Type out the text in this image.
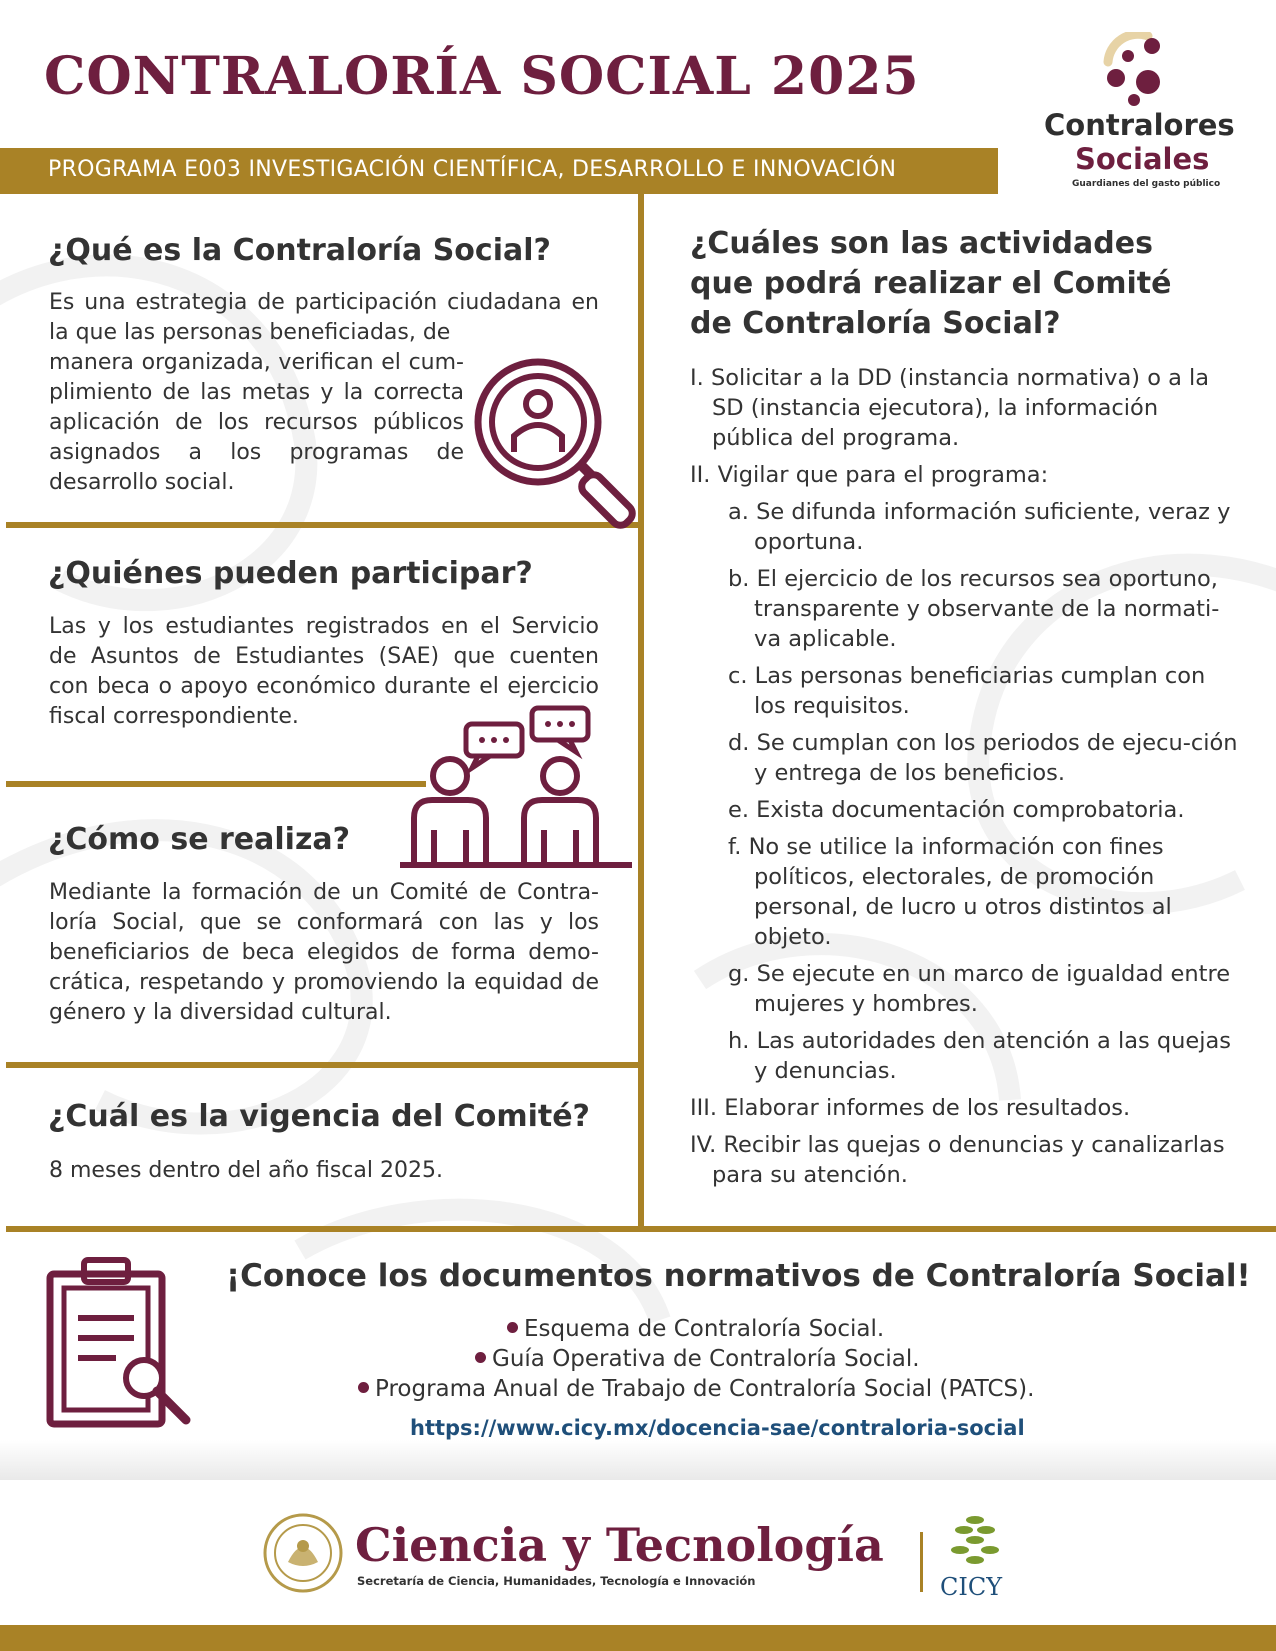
CONTRALORÍA SOCIAL 2025
PROGRAMA E003 INVESTIGACIÓN CIENTÍFICA, DESARROLLO E INNOVACIÓN
Contralores
Sociales
Guardianes del gasto público
¿Qué es la Contraloría Social?
Es una estrategia de participación ciudadana en la que las personas beneficiadas, de
manera organizada, verifican el cum-plimiento de las metas y la correcta aplicación de los recursos públicos asignados a los programas de desarrollo social.
¿Quiénes pueden participar?
Las y los estudiantes registrados en el Servicio de Asuntos de Estudiantes (SAE) que cuenten con beca o apoyo económico durante el ejercicio fiscal correspondiente.
¿Cómo se realiza?
Mediante la formación de un Comité de Contra-loría Social, que se conformará con las y los beneficiarios de beca elegidos de forma demo-crática, respetando y promoviendo la equidad de género y la diversidad cultural.
¿Cuál es la vigencia del Comité?
8 meses dentro del año fiscal 2025.
¿Cuáles son las actividades
que podrá realizar el Comité
de Contraloría Social?
I. Solicitar a la DD (instancia normativa) o a la SD (instancia ejecutora), la información pública del programa.
II. Vigilar que para el programa:
a. Se difunda información suficiente, veraz y oportuna.
b. El ejercicio de los recursos sea oportuno, transparente y observante de la normati-va aplicable.
c. Las personas beneficiarias cumplan con los requisitos.
d. Se cumplan con los periodos de ejecu-ción y entrega de los beneficios.
e. Exista documentación comprobatoria.
f. No se utilice la información con fines políticos, electorales, de promoción personal, de lucro u otros distintos al objeto.
g. Se ejecute en un marco de igualdad entre mujeres y hombres.
h. Las autoridades den atención a las quejas y denuncias.
III. Elaborar informes de los resultados.
IV. Recibir las quejas o denuncias y canalizarlas para su atención.
¡Conoce los documentos normativos de Contraloría Social!
Esquema de Contraloría Social.
Guía Operativa de Contraloría Social.
Programa Anual de Trabajo de Contraloría Social (PATCS).
https://www.cicy.mx/docencia-sae/contraloria-social
Ciencia y Tecnología
Secretaría de Ciencia, Humanidades, Tecnología e Innovación	CICY
